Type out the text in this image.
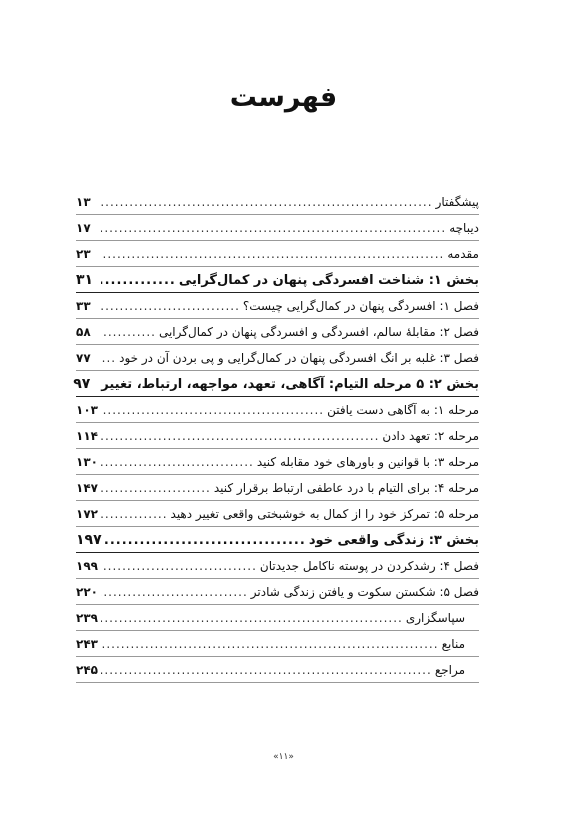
فهرست
پیشگفتار
.....
۱۳
دیباچه
.....
۱۷
مقدمه
.....
۲۳
بخش ۱: شناخت افسردگی پنهان در کمال‌گرایی
.....
۳۱
فصل ۱: افسردگی پنهان در کمال‌گرایی چیست؟
.....
۳۳
فصل ۲: مقابلهٔ سالم، افسردگی و افسردگی پنهان در کمال‌گرایی
.....
۵۸
فصل ۳: غلبه بر انگ افسردگی پنهان در کمال‌گرایی و پی بردن آن در خود
.....
۷۷
بخش ۲: ۵ مرحله التیام: آگاهی، تعهد، مواجهه، ارتباط، تغییر
۹۷
مرحله ۱: به آگاهی دست یافتن
.....
۱۰۳
مرحله ۲: تعهد دادن
.....
۱۱۴
مرحله ۳: با قوانین و باورهای خود مقابله کنید
.....
۱۳۰
مرحله ۴: برای التیام با درد عاطفی ارتباط برقرار کنید
.....
۱۴۷
مرحله ۵: تمرکز خود را از کمال به خوشبختی واقعی تغییر دهید
.....
۱۷۲
بخش ۳: زندگی واقعی خود
.....
۱۹۷
فصل ۴: رشدکردن در پوسته ناکامل جدیدتان
.....
۱۹۹
فصل ۵: شکستن سکوت و یافتن زندگی شادتر
.....
۲۲۰
سپاسگزاری
.....
۲۳۹
منابع
.....
۲۴۳
مراجع
.....
۲۴۵
«۱۱»
